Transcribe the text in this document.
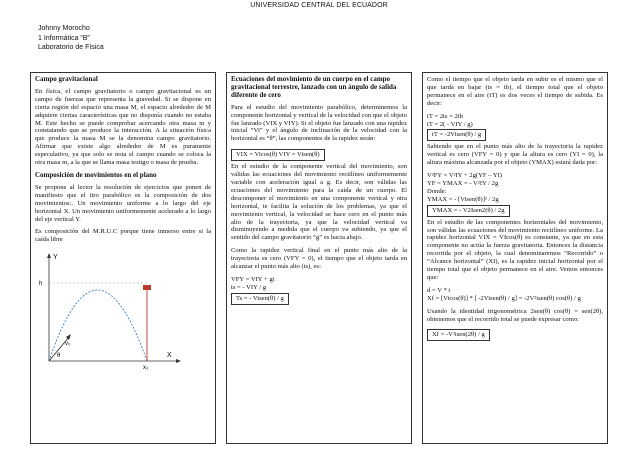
UNIVERSIDAD CENTRAL DEL ECUADOR
Johnny Morocho
1 Informática “B”
Laboratorio de Física
Campo gravitacional

En física, el campo gravitatorio o campo gravitacional es un campo de fuerzas que representa la gravedad. Si se dispone en cierta región del espacio una masa M, el espacio alrededor de M adquiere ciertas características que no disponía cuando no estaba M. Este hecho se puede comprobar acercando otra masa m y constatando que se produce la interacción. A la situación física que produce la masa M se la denomina campo gravitatorio. Afirmar que existe algo alrededor de M es puramente especulativo, ya que solo se nota el campo cuando se coloca la otra masa m, a la que se llama masa testigo o masa de prueba.

Composición de movimientos en el plano

Se propone al lector la resolución de ejercicios que ponen de manifiesto que el tiro parabólico es la composición de dos movimientos:. Un movimiento uniforme a lo largo del eje horizontal X. Un movimiento uniformemente acelerado a lo largo del eje vertical Y.

Es composición del M.R.U.C porque tiene inmerso entre si la caída libre

Y
X
h
v₀
θ
x₀
Ecuaciones del movimiento de un cuerpo en el campo gravitacional terrestre, lanzado con un ángulo de salida diferente de cero

Para el estudio del movimiento parabólico, determinemos la componente horizontal y vertical de la velocidad con que el objeto fue lanzado (VIX y VIY). Si el objeto fue lanzado con una rapidez inicial “Vi” y el ángulo de inclinación de la velocidad con la horizontal es “θ”, las componentes de la rapidez serán:

VIX = Vicos(θ) VIY = Visen(θ)

En el estudio de la componente vertical del movimiento, son válidas las ecuaciones del movimiento rectilíneo uniformemente variable con aceleración igual a g. Es decir, son válidas las ecuaciones del movimiento para la caída de un cuerpo. El descomponer el movimiento en una componente vertical y otra horizontal, te facilita la solución de los problemas, ya que el movimiento vertical, la velocidad se hace cero en el punto más alto de la trayectoria, ya que la velocidad vertical va disminuyendo a medida que el cuerpo va subiendo, ya que el sentido del campo gravitatorio “g” es hacia abajo.

Como la rapidez vertical final en el punto más alto de la trayectoria es cero (VFY = 0), el tiempo que el objeto tarda en alcanzar el punto más alto (ts), es:

VFY = VIY + gt
ts = - VIY / g
Ts = - Visen(θ) / g

Como el tiempo que el objeto tarda en subir es el mismo que el que tarda en bajar (ts = tb), el tiempo total que el objeto permanece en el aire (tT) es dos veces el tiempo de subida. Es decir:

tT = 2ts = 2tb
tT = 2( - VIY / g)
tT = -2Visen(θ) / g

Sabiendo que en el punto más alto de la trayectoria la rapidez vertical es cero (VFY = 0) y que la altura es cero (YI = 0), la altura máxima alcanzada por el objeto (YMAX) estará dada por:

V²FY = V²IY + 2g(YF – YI)
YF = YMAX = - V²IY / 2g
Donde:
YMAX = - [Visen(θ)]² / 2g
YMAX = - V2Isen2(θ) / 2g

En el estudio de las componentes horizontales del movimiento, son válidas las ecuaciones del movimiento rectilíneo uniforme. La rapidez horizontal VIX = VIcos(θ) es constante, ya que en esta componente no actúa la fuerza gravitatoria. Entonces la distancia recorrida por el objeto, la cual denominaremos “Recorrido” o “Alcance horizontal” (XI), es la rapidez inicial horizontal por el tiempo total que el objeto permanece en el aire. Vemos entonces que:

d = V * t

Xf = [Vicos(θ)] * [ -2Visen(θ) / g] = -2V²isen(θ) cos(θ) / g

Usando la identidad trigonométrica 2sen(θ) cos(θ) = sen(2θ), obtenemos que el recorrido total se puede expresar como:

Xf = -V²isen(2θ) / g
